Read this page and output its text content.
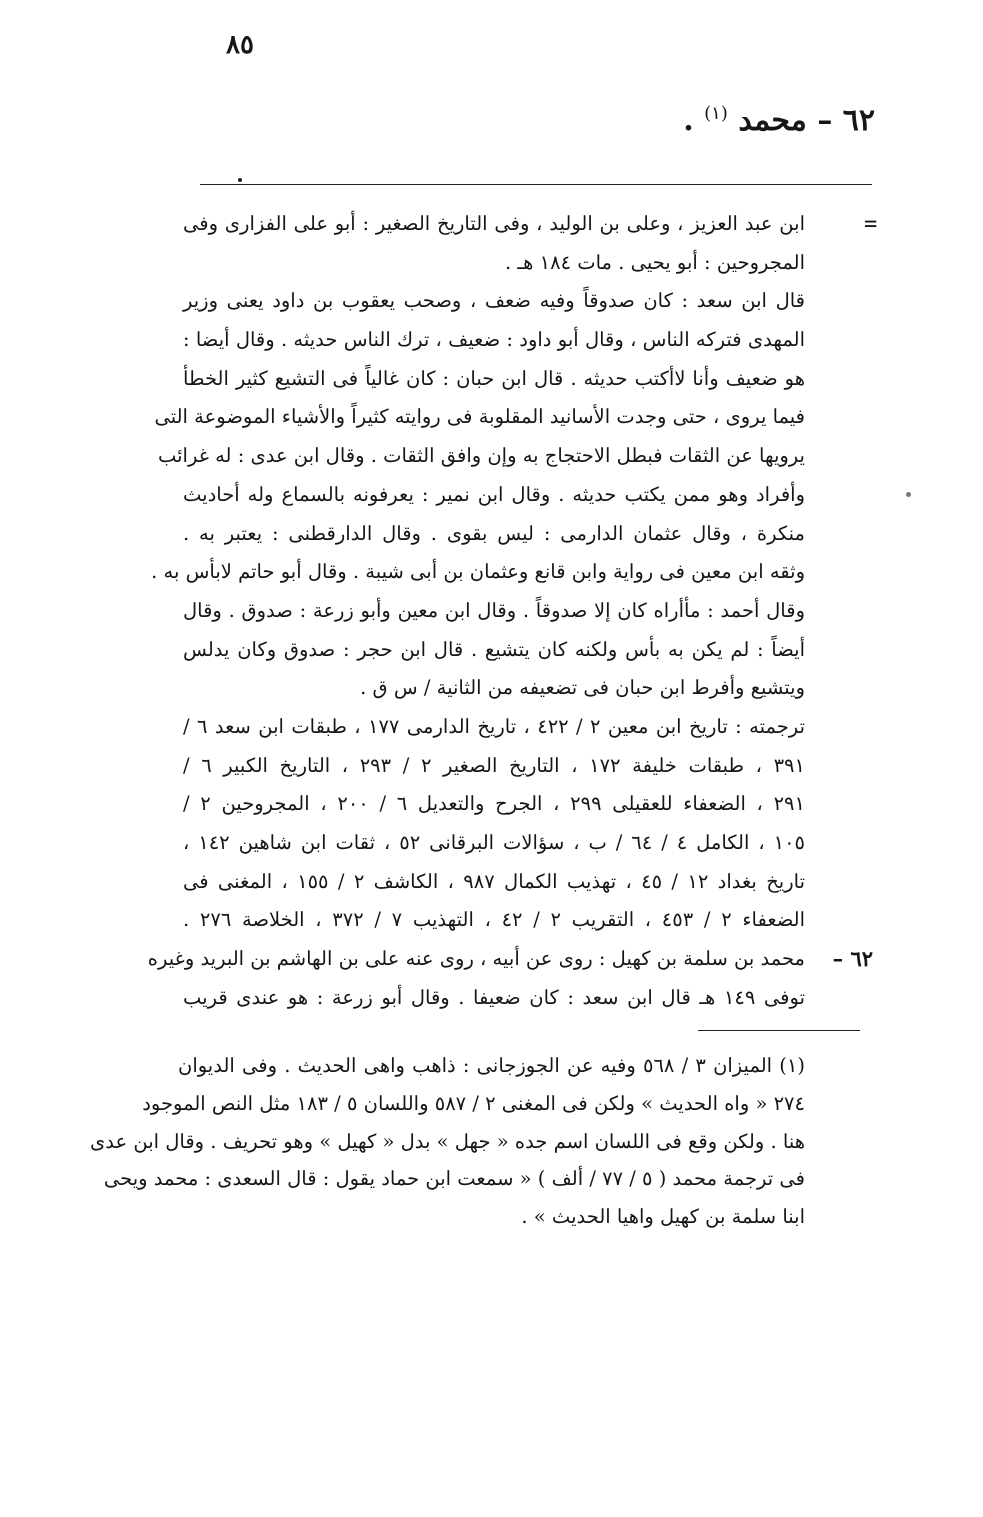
٨٥
٦٢ – محمد $^{(١)}$ .
=
ابن عبد العزيز ، وعلى بن الوليد ، وفى التاريخ الصغير : أبو على الفزارى وفى
المجروحين : أبو يحيى . مات ١٨٤ هـ .
قال ابن سعد : كان صدوقاً وفيه ضعف ، وصحب يعقوب بن داود يعنى وزير
المهدى فتركه الناس ، وقال أبو داود : ضعيف ، ترك الناس حديثه . وقال أيضا :
هو ضعيف وأنا لاأكتب حديثه . قال ابن حبان : كان غالياً فى التشيع كثير الخطأ
فيما يروى ، حتى وجدت الأسانيد المقلوبة فى روايته كثيراً والأشياء الموضوعة التى
يرويها عن الثقات فبطل الاحتجاج به وإن وافق الثقات . وقال ابن عدى : له غرائب
وأفراد وهو ممن يكتب حديثه . وقال ابن نمير : يعرفونه بالسماع وله أحاديث
منكرة ، وقال عثمان الدارمى : ليس بقوى . وقال الدارقطنى : يعتبر به .
وثقه ابن معين فى رواية وابن قانع وعثمان بن أبى شيبة . وقال أبو حاتم لابأس به .
وقال أحمد : مأأراه كان إلا صدوقاً . وقال ابن معين وأبو زرعة : صدوق . وقال
أيضاً : لم يكن به بأس ولكنه كان يتشيع . قال ابن حجر : صدوق وكان يدلس
ويتشيع وأفرط ابن حبان فى تضعيفه من الثانية / س ق .
ترجمته : تاريخ ابن معين ٢ / ٤٢٢ ، تاريخ الدارمى ١٧٧ ، طبقات ابن سعد ٦ /
٣٩١ ، طبقات خليفة ١٧٢ ، التاريخ الصغير ٢ / ٢٩٣ ، التاريخ الكبير ٦ /
٢٩١ ، الضعفاء للعقيلى ٢٩٩ ، الجرح والتعديل ٦ / ٢٠٠ ، المجروحين ٢ /
١٠٥ ، الكامل ٤ / ٦٤ / ب ، سؤالات البرقانى ٥٢ ، ثقات ابن شاهين ١٤٢ ،
تاريخ بغداد ١٢ / ٤٥ ، تهذيب الكمال ٩٨٧ ، الكاشف ٢ / ١٥٥ ، المغنى فى
الضعفاء ٢ / ٤٥٣ ، التقريب ٢ / ٤٢ ، التهذيب ٧ / ٣٧٢ ، الخلاصة ٢٧٦ .
٦٢ –
محمد بن سلمة بن كهيل : روى عن أبيه ، روى عنه على بن الهاشم بن البريد وغيره
توفى ١٤٩ هـ قال ابن سعد : كان ضعيفا . وقال أبو زرعة : هو عندى قريب
(١) الميزان ٣ / ٥٦٨ وفيه عن الجوزجانى : ذاهب واهى الحديث . وفى الديوان
٢٧٤ « واه الحديث » ولكن فى المغنى ٢ / ٥٨٧ واللسان ٥ / ١٨٣ مثل النص الموجود
هنا . ولكن وقع فى اللسان اسم جده « جهل » بدل « كهيل » وهو تحريف . وقال ابن عدى
فى ترجمة محمد ( ٥ / ٧٧ / ألف ) « سمعت ابن حماد يقول : قال السعدى : محمد ويحى
ابنا سلمة بن كهيل واهيا الحديث » .
